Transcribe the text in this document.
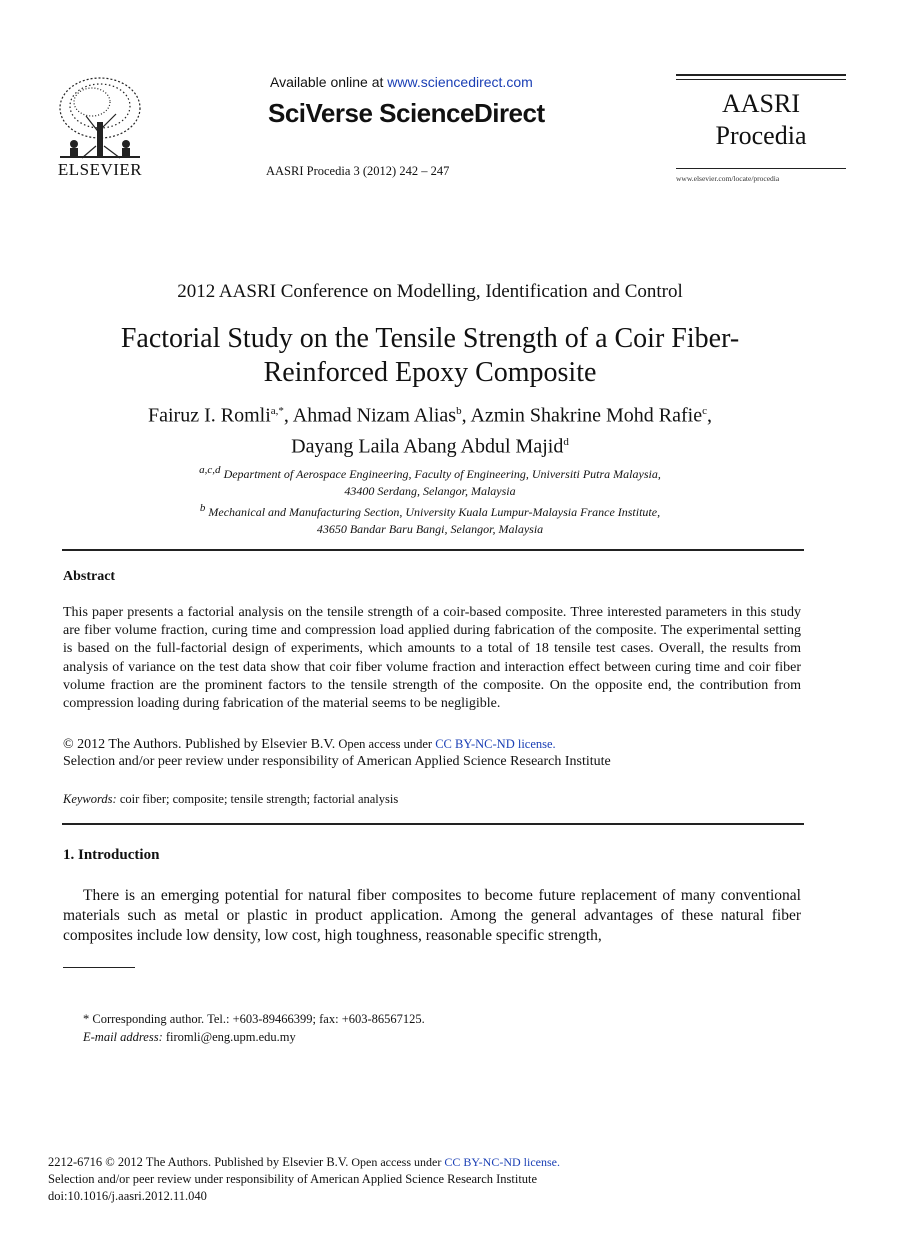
ELSEVIER
Available online at www.sciencedirect.com
SciVerse ScienceDirect
AASRI Procedia 3 (2012) 242 – 247
AASRI
Procedia
www.elsevier.com/locate/procedia
2012 AASRI Conference on Modelling, Identification and Control
Factorial Study on the Tensile Strength of a Coir Fiber-
Reinforced Epoxy Composite
Fairuz I. Romli$^{a,*}$, Ahmad Nizam Alias$^b$, Azmin Shakrine Mohd Rafie$^c$,
Dayang Laila Abang Abdul Majid$^d$
$^{a,c,d}$ Department of Aerospace Engineering, Faculty of Engineering, Universiti Putra Malaysia,
43400 Serdang, Selangor, Malaysia
$^b$ Mechanical and Manufacturing Section, University Kuala Lumpur-Malaysia France Institute,
43650 Bandar Baru Bangi, Selangor, Malaysia
Abstract
This paper presents a factorial analysis on the tensile strength of a coir-based composite. Three interested parameters in this study are fiber volume fraction, curing time and compression load applied during fabrication of the composite. The experimental setting is based on the full-factorial design of experiments, which amounts to a total of 18 tensile test cases. Overall, the results from analysis of variance on the test data show that coir fiber volume fraction and interaction effect between curing time and coir fiber volume fraction are the prominent factors to the tensile strength of the composite. On the opposite end, the contribution from compression loading during fabrication of the material seems to be negligible.
© 2012 The Authors. Published by Elsevier B.V. Open access under CC BY-NC-ND license.
Selection and/or peer review under responsibility of American Applied Science Research Institute
Keywords: coir fiber; composite; tensile strength; factorial analysis
1. Introduction
There is an emerging potential for natural fiber composites to become future replacement of many conventional materials such as metal or plastic in product application. Among the general advantages of these natural fiber composites include low density, low cost, high toughness, reasonable specific strength,
* Corresponding author. Tel.: +603-89466399; fax: +603-86567125.
E-mail address: firomli@eng.upm.edu.my
2212-6716 © 2012 The Authors. Published by Elsevier B.V. Open access under CC BY-NC-ND license.
Selection and/or peer review under responsibility of American Applied Science Research Institute
doi:10.1016/j.aasri.2012.11.040
